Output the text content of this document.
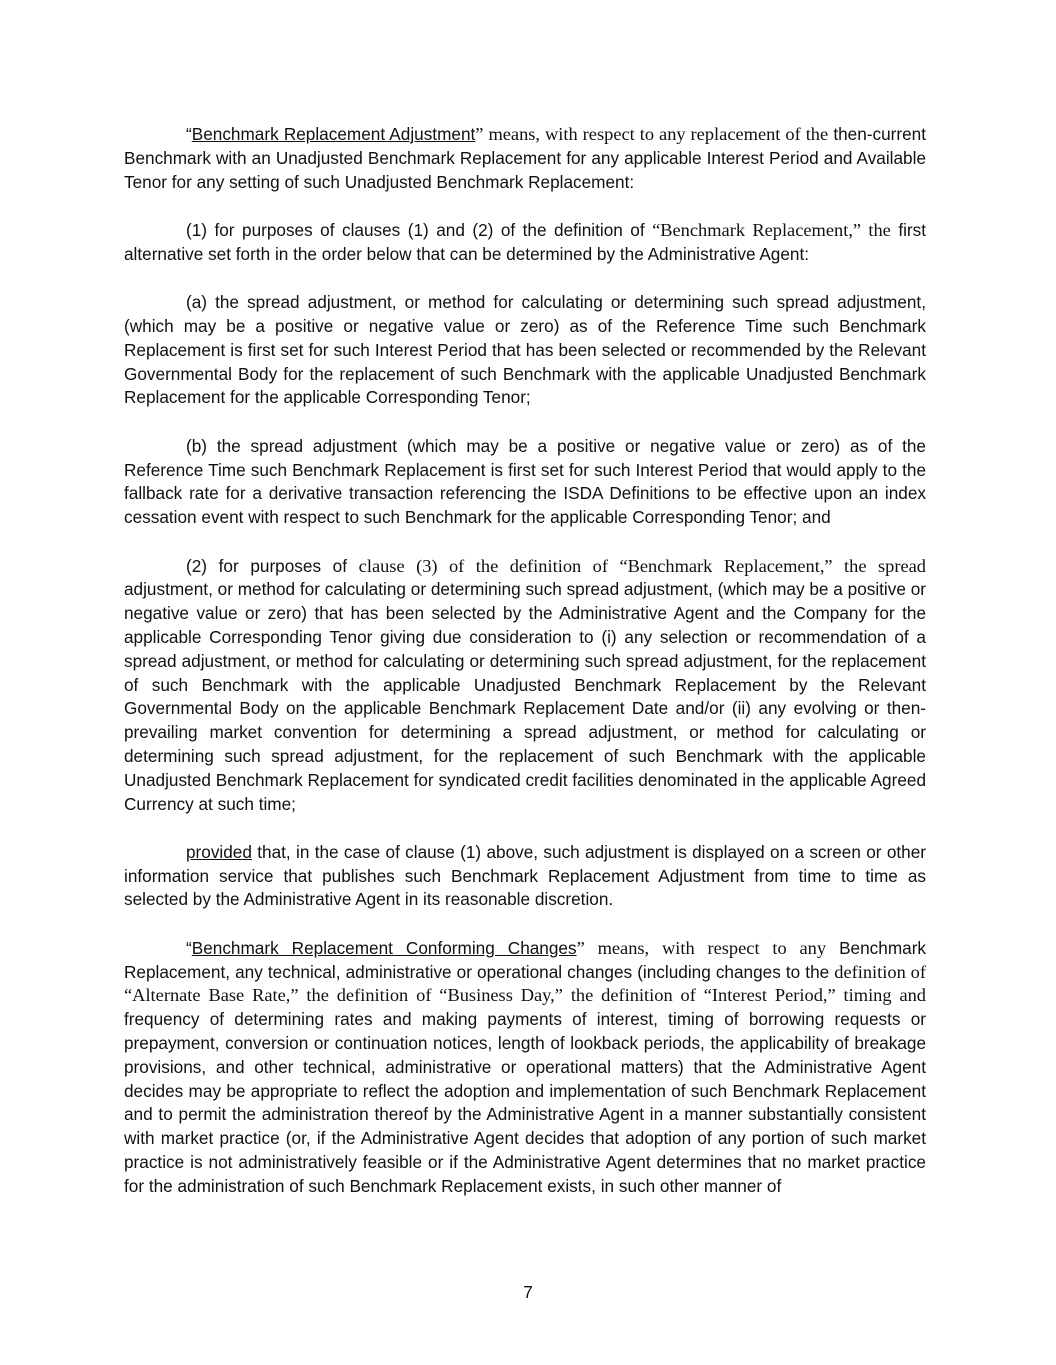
“Benchmark Replacement Adjustment” means, with respect to any replacement of the then-current Benchmark with an Unadjusted Benchmark Replacement for any applicable Interest Period and Available Tenor for any setting of such Unadjusted Benchmark Replacement:

(1) for purposes of clauses (1) and (2) of the definition of “Benchmark Replacement,” the first alternative set forth in the order below that can be determined by the Administrative Agent:

(a) the spread adjustment, or method for calculating or determining such spread adjustment, (which may be a positive or negative value or zero) as of the Reference Time such Benchmark Replacement is first set for such Interest Period that has been selected or recommended by the Relevant Governmental Body for the replacement of such Benchmark with the applicable Unadjusted Benchmark Replacement for the applicable Corresponding Tenor;

(b) the spread adjustment (which may be a positive or negative value or zero) as of the Reference Time such Benchmark Replacement is first set for such Interest Period that would apply to the fallback rate for a derivative transaction referencing the ISDA Definitions to be effective upon an index cessation event with respect to such Benchmark for the applicable Corresponding Tenor; and

(2) for purposes of clause (3) of the definition of “Benchmark Replacement,” the spread adjustment, or method for calculating or determining such spread adjustment, (which may be a positive or negative value or zero) that has been selected by the Administrative Agent and the Company for the applicable Corresponding Tenor giving due consideration to (i) any selection or recommendation of a spread adjustment, or method for calculating or determining such spread adjustment, for the replacement of such Benchmark with the applicable Unadjusted Benchmark Replacement by the Relevant Governmental Body on the applicable Benchmark Replacement Date and/or (ii) any evolving or then-prevailing market convention for determining a spread adjustment, or method for calculating or determining such spread adjustment, for the replacement of such Benchmark with the applicable Unadjusted Benchmark Replacement for syndicated credit facilities denominated in the applicable Agreed Currency at such time;

provided that, in the case of clause (1) above, such adjustment is displayed on a screen or other information service that publishes such Benchmark Replacement Adjustment from time to time as selected by the Administrative Agent in its reasonable discretion.

“Benchmark Replacement Conforming Changes” means, with respect to any Benchmark Replacement, any technical, administrative or operational changes (including changes to the definition of “Alternate Base Rate,” the definition of “Business Day,” the definition of “Interest Period,” timing and frequency of determining rates and making payments of interest, timing of borrowing requests or prepayment, conversion or continuation notices, length of lookback periods, the applicability of breakage provisions, and other technical, administrative or operational matters) that the Administrative Agent decides may be appropriate to reflect the adoption and implementation of such Benchmark Replacement and to permit the administration thereof by the Administrative Agent in a manner substantially consistent with market practice (or, if the Administrative Agent decides that adoption of any portion of such market practice is not administratively feasible or if the Administrative Agent determines that no market practice for the administration of such Benchmark Replacement exists, in such other manner of

7
